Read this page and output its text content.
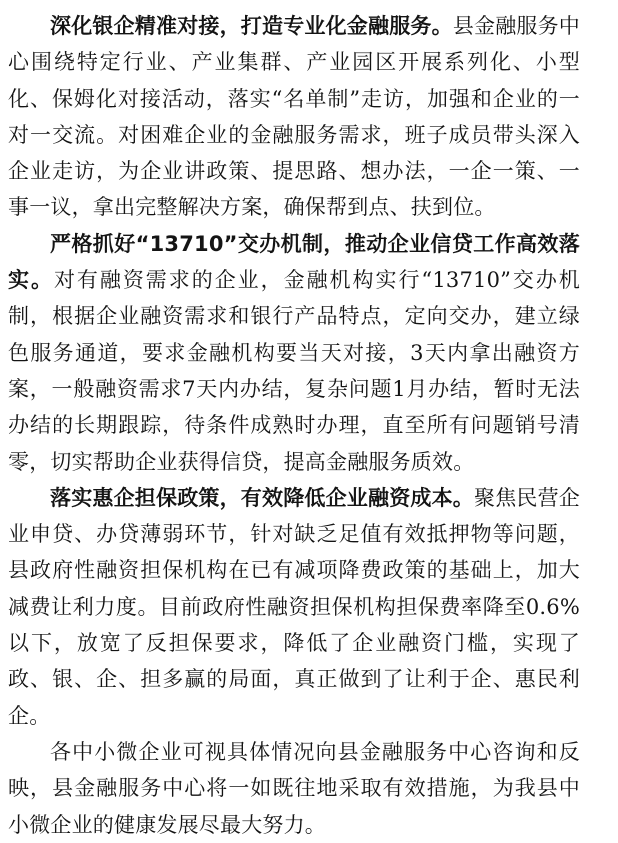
深化银企精准对接，打造专业化金融服务。县金融服务中心围绕特定行业、产业集群、产业园区开展系列化、小型化、保姆化对接活动，落实“名单制”走访，加强和企业的一对一交流。对困难企业的金融服务需求，班子成员带头深入企业走访，为企业讲政策、提思路、想办法，一企一策、一事一议，拿出完整解决方案，确保帮到点、扶到位。

严格抓好“13710”交办机制，推动企业信贷工作高效落实。对有融资需求的企业，金融机构实行“13710”交办机制，根据企业融资需求和银行产品特点，定向交办，建立绿色服务通道，要求金融机构要当天对接，3天内拿出融资方案，一般融资需求7天内办结，复杂问题1月办结，暂时无法办结的长期跟踪，待条件成熟时办理，直至所有问题销号清零，切实帮助企业获得信贷，提高金融服务质效。

落实惠企担保政策，有效降低企业融资成本。聚焦民营企业申贷、办贷薄弱环节，针对缺乏足值有效抵押物等问题，县政府性融资担保机构在已有减项降费政策的基础上，加大减费让利力度。目前政府性融资担保机构担保费率降至0.6%以下，放宽了反担保要求，降低了企业融资门槛，实现了政、银、企、担多赢的局面，真正做到了让利于企、惠民利企。

各中小微企业可视具体情况向县金融服务中心咨询和反映，县金融服务中心将一如既往地采取有效措施，为我县中小微企业的健康发展尽最大努力。
